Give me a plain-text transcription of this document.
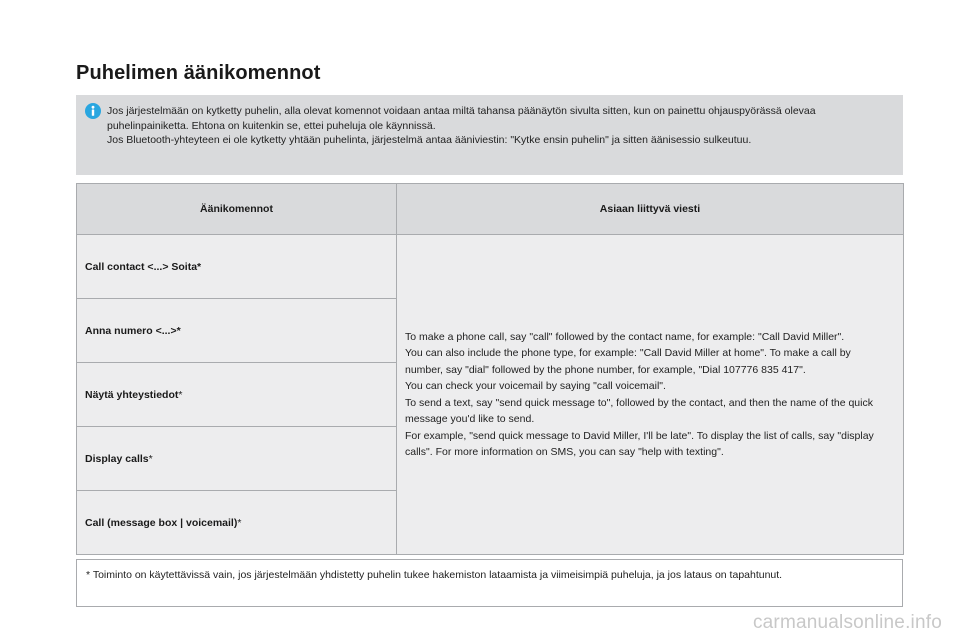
Puhelimen äänikomennot

Jos järjestelmään on kytketty puhelin, alla olevat komennot voidaan antaa miltä tahansa päänäytön sivulta sitten, kun on painettu ohjauspyörässä olevaa puhelinpainiketta. Ehtona on kuitenkin se, ettei puheluja ole käynnissä.

Jos Bluetooth-yhteyteen ei ole kytketty yhtään puhelinta, järjestelmä antaa ääniviestin: "Kytke ensin puhelin" ja sitten äänisessio sulkeutuu.

Äänikomennot	Asiaan liittyvä viesti
Call contact <...> Soita*	To make a phone call, say "call" followed by the contact name, for example: "Call David Miller".

You can also include the phone type, for example: "Call David Miller at home". To make a call by number, say "dial" followed by the phone number, for example, "Dial 107776 835 417".

You can check your voicemail by saying "call voicemail".

To send a text, say "send quick message to", followed by the contact, and then the name of the quick message you'd like to send.

For example, "send quick message to David Miller, I'll be late". To display the list of calls, say "display calls". For more information on SMS, you can say "help with texting".

Anna numero <...>*	
Näytä yhteystiedot*	
Display calls*	
Call (message box | voicemail)*	
* Toiminto on käytettävissä vain, jos järjestelmään yhdistetty puhelin tukee hakemiston lataamista ja viimeisimpiä puheluja, ja jos lataus on tapahtunut.
carmanualsonline.info
